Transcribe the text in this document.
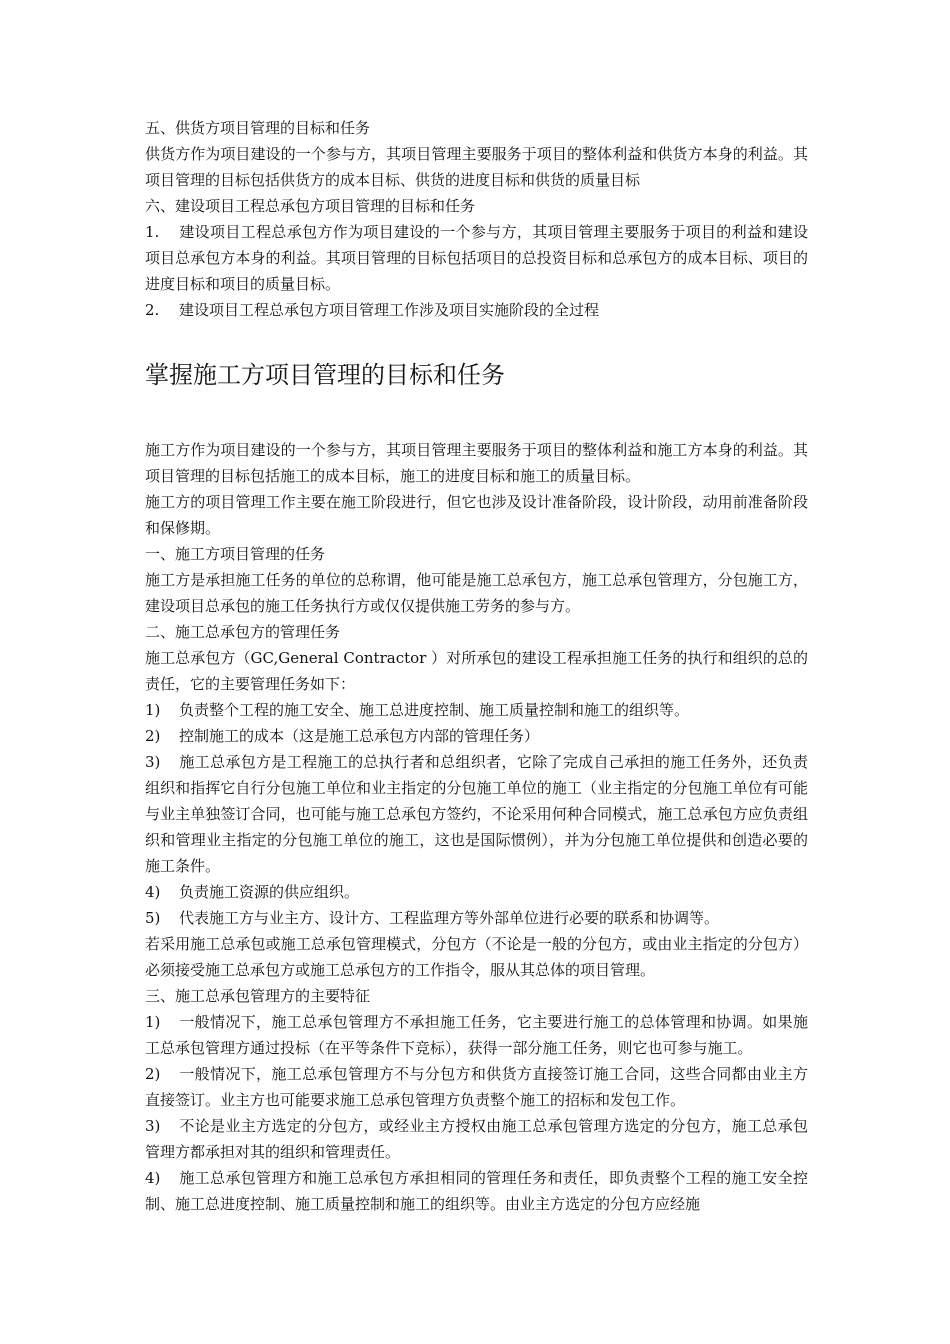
五、供货方项目管理的目标和任务

供货方作为项目建设的一个参与方，其项目管理主要服务于项目的整体利益和供货方本身的利益。其项目管理的目标包括供货方的成本目标、供货的进度目标和供货的质量目标

六、建设项目工程总承包方项目管理的目标和任务

1. 建设项目工程总承包方作为项目建设的一个参与方，其项目管理主要服务于项目的利益和建设项目总承包方本身的利益。其项目管理的目标包括项目的总投资目标和总承包方的成本目标、项目的进度目标和项目的质量目标。

2. 建设项目工程总承包方项目管理工作涉及项目实施阶段的全过程

掌握施工方项目管理的目标和任务

施工方作为项目建设的一个参与方，其项目管理主要服务于项目的整体利益和施工方本身的利益。其项目管理的目标包括施工的成本目标，施工的进度目标和施工的质量目标。

施工方的项目管理工作主要在施工阶段进行，但它也涉及设计准备阶段，设计阶段，动用前准备阶段和保修期。

一、施工方项目管理的任务

施工方是承担施工任务的单位的总称谓，他可能是施工总承包方，施工总承包管理方，分包施工方，建设项目总承包的施工任务执行方或仅仅提供施工劳务的参与方。

二、施工总承包方的管理任务

施工总承包方（GC,General Contractor ）对所承包的建设工程承担施工任务的执行和组织的总的责任，它的主要管理任务如下：

1) 负责整个工程的施工安全、施工总进度控制、施工质量控制和施工的组织等。

2) 控制施工的成本（这是施工总承包方内部的管理任务）

3) 施工总承包方是工程施工的总执行者和总组织者，它除了完成自己承担的施工任务外，还负责组织和指挥它自行分包施工单位和业主指定的分包施工单位的施工（业主指定的分包施工单位有可能与业主单独签订合同，也可能与施工总承包方签约，不论采用何种合同模式，施工总承包方应负责组织和管理业主指定的分包施工单位的施工，这也是国际惯例），并为分包施工单位提供和创造必要的施工条件。

4) 负责施工资源的供应组织。

5) 代表施工方与业主方、设计方、工程监理方等外部单位进行必要的联系和协调等。

若采用施工总承包或施工总承包管理模式，分包方（不论是一般的分包方，或由业主指定的分包方）必须接受施工总承包方或施工总承包方的工作指令，服从其总体的项目管理。

三、施工总承包管理方的主要特征

1) 一般情况下，施工总承包管理方不承担施工任务，它主要进行施工的总体管理和协调。如果施工总承包管理方通过投标（在平等条件下竞标），获得一部分施工任务，则它也可参与施工。

2) 一般情况下，施工总承包管理方不与分包方和供货方直接签订施工合同，这些合同都由业主方直接签订。业主方也可能要求施工总承包管理方负责整个施工的招标和发包工作。

3) 不论是业主方选定的分包方，或经业主方授权由施工总承包管理方选定的分包方，施工总承包管理方都承担对其的组织和管理责任。

4) 施工总承包管理方和施工总承包方承担相同的管理任务和责任，即负责整个工程的施工安全控制、施工总进度控制、施工质量控制和施工的组织等。由业主方选定的分包方应经施
